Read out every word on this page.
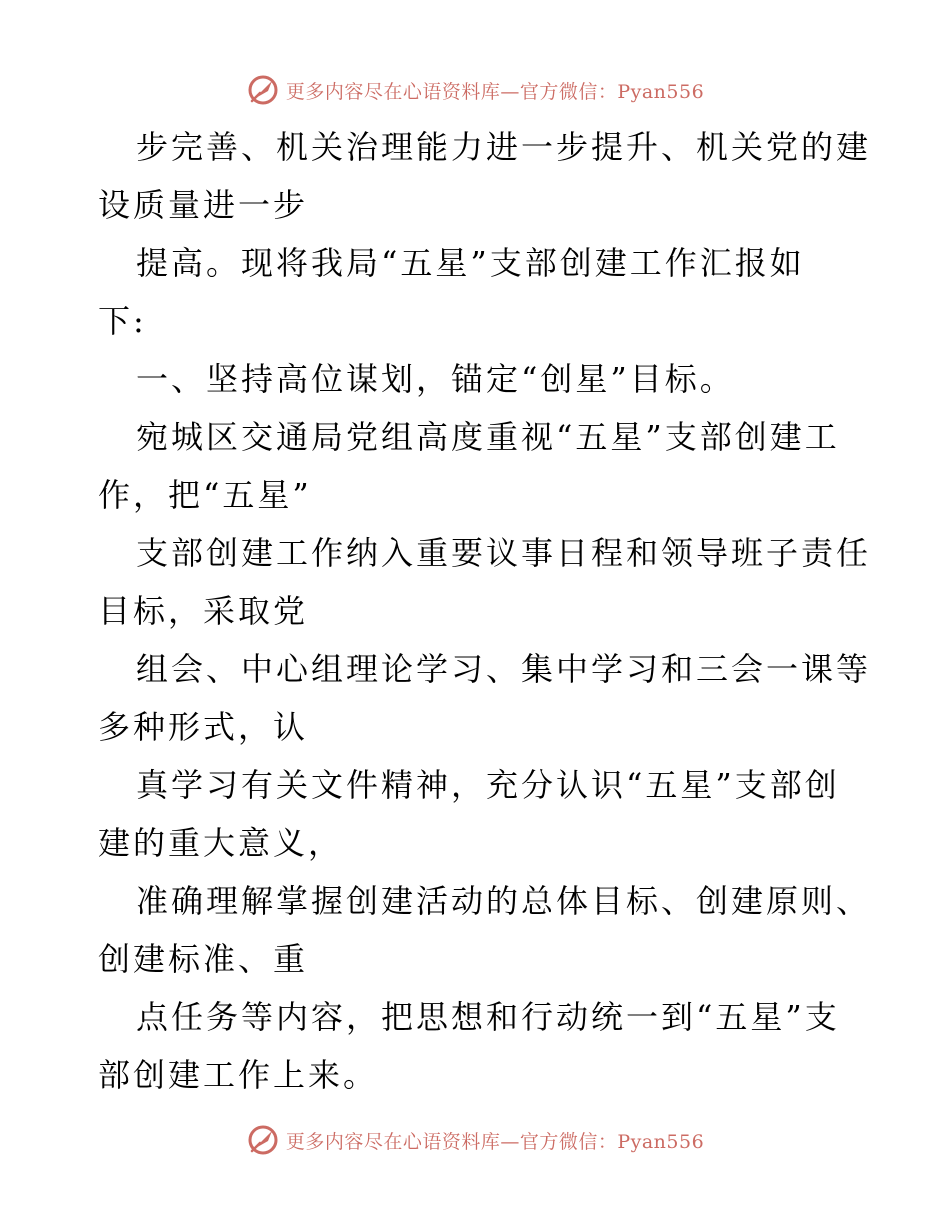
更多内容尽在心语资料库—官方微信：Pyan556
步完善、机关治理能力进一步提升、机关党的建
设质量进一步
提高。现将我局“五星”支部创建工作汇报如
下:
一、坚持高位谋划，锚定“创星”目标。
宛城区交通局党组高度重视“五星”支部创建工
作，把“五星”
支部创建工作纳入重要议事日程和领导班子责任
目标，采取党
组会、中心组理论学习、集中学习和三会一课等
多种形式，认
真学习有关文件精神，充分认识“五星”支部创
建的重大意义，
准确理解掌握创建活动的总体目标、创建原则、
创建标准、重
点任务等内容，把思想和行动统一到“五星”支
部创建工作上来。
更多内容尽在心语资料库—官方微信：Pyan556
